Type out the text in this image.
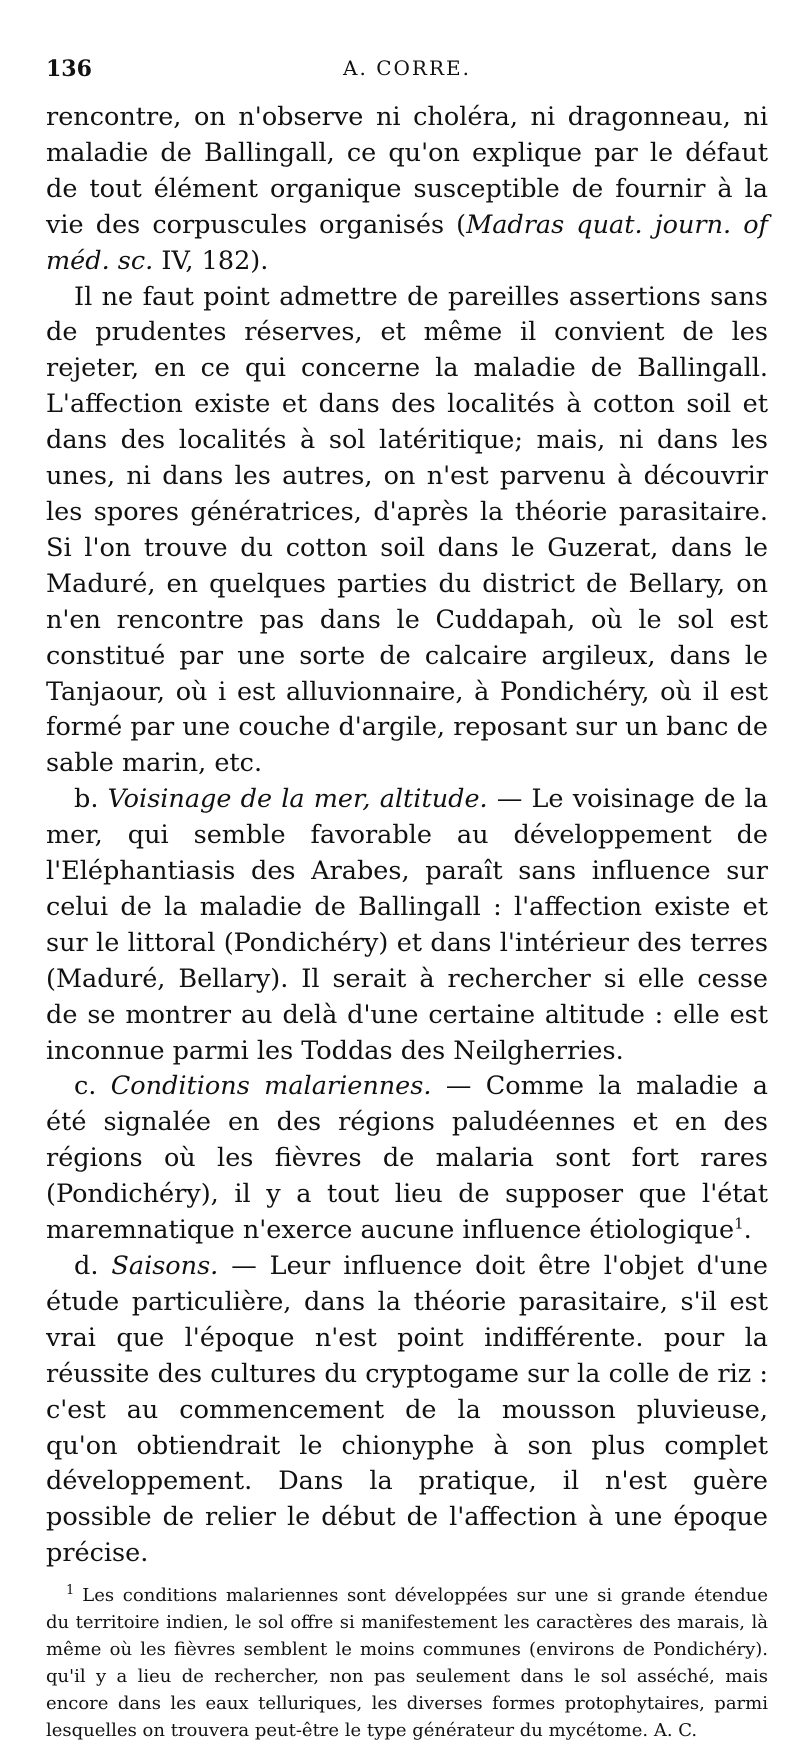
136	A. CORRE.

rencontre, on n'observe ni choléra, ni dragonneau, ni maladie de Ballingall, ce qu'on explique par le défaut de tout élément organique susceptible de fournir à la vie des corpuscules organisés (Madras quat. journ. of méd. sc. IV, 182).

Il ne faut point admettre de pareilles assertions sans de prudentes réserves, et même il convient de les rejeter, en ce qui concerne la maladie de Ballingall. L'affection existe et dans des localités à cotton soil et dans des localités à sol latéritique; mais, ni dans les unes, ni dans les autres, on n'est parvenu à découvrir les spores génératrices, d'après la théorie parasitaire. Si l'on trouve du cotton soil dans le Guzerat, dans le Maduré, en quelques parties du district de Bellary, on n'en rencontre pas dans le Cuddapah, où le sol est constitué par une sorte de calcaire argileux, dans le Tanjaour, où i est alluvionnaire, à Pondichéry, où il est formé par une couche d'argile, reposant sur un banc de sable marin, etc.

b. Voisinage de la mer, altitude. — Le voisinage de la mer, qui semble favorable au développement de l'Eléphantiasis des Arabes, paraît sans influence sur celui de la maladie de Ballingall : l'affection existe et sur le littoral (Pondichéry) et dans l'intérieur des terres (Maduré, Bellary). Il serait à rechercher si elle cesse de se montrer au delà d'une certaine altitude : elle est inconnue parmi les Toddas des Neilgherries.

c. Conditions malariennes. — Comme la maladie a été signalée en des régions paludéennes et en des régions où les fièvres de malaria sont fort rares (Pondichéry), il y a tout lieu de supposer que l'état maremnatique n'exerce aucune influence étiologique$^1$.

d. Saisons. — Leur influence doit être l'objet d'une étude particulière, dans la théorie parasitaire, s'il est vrai que l'époque n'est point indifférente. pour la réussite des cultures du cryptogame sur la colle de riz : c'est au commencement de la mousson pluvieuse, qu'on obtiendrait le chionyphe à son plus complet développement. Dans la pratique, il n'est guère possible de relier le début de l'affection à une époque précise.

$^1$ Les conditions malariennes sont développées sur une si grande étendue du territoire indien, le sol offre si manifestement les caractères des marais, là même où les fièvres semblent le moins communes (environs de Pondichéry). qu'il y a lieu de rechercher, non pas seulement dans le sol asséché, mais encore dans les eaux telluriques, les diverses formes protophytaires, parmi lesquelles on trouvera peut-être le type générateur du mycétome. A. C.
